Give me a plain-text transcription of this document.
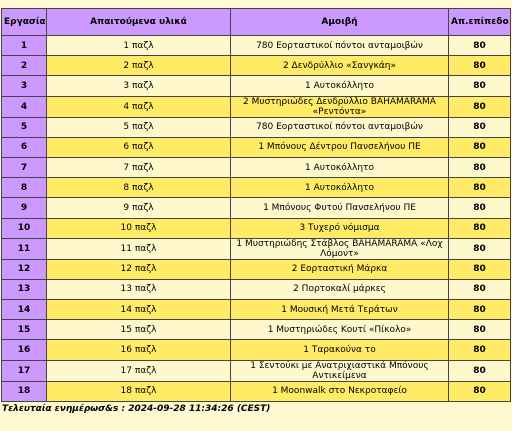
Εργασία	Απαιτούμενα υλικά	Αμοιβή	Απ.επίπεδο
1	1 παζλ	780 Εορταστικοί πόντοι ανταμοιβών	80
2	2 παζλ	2 Δενδρύλλιο «Σανγκάη»	80
3	3 παζλ	1 Αυτοκόλλητο	80
4	4 παζλ	2 Μυστηριώδες Δενδρύλλιο BAHAMARAMA «Ρεντόντα»	80
5	5 παζλ	780 Εορταστικοί πόντοι ανταμοιβών	80
6	6 παζλ	1 Μπόνους Δέντρου Πανσελήνου ΠΕ	80
7	7 παζλ	1 Αυτοκόλλητο	80
8	8 παζλ	1 Αυτοκόλλητο	80
9	9 παζλ	1 Μπόνους Φυτού Πανσελήνου ΠΕ	80
10	10 παζλ	3 Τυχερό νόμισμα	80
11	11 παζλ	1 Μυστηριώδης Στάβλος BAHAMARAMA «Λοχ Λόμοντ»	80
12	12 παζλ	2 Εορταστική Μάρκα	80
13	13 παζλ	2 Πορτοκαλί μάρκες	80
14	14 παζλ	1 Μουσική Μετά Τεράτων	80
15	15 παζλ	1 Μυστηριώδες Κουτί «Πίκολο»	80
16	16 παζλ	1 Ταρακούνα το	80
17	17 παζλ	1 Σεντούκι με Ανατριχιαστικά Μπόνους Αντικείμενα	80
18	18 παζλ	1 Moonwalk στο Νεκροταφείο	80
Τελευταία ενημέρωσ&s : 2024-09-28 11:34:26 (CEST)
